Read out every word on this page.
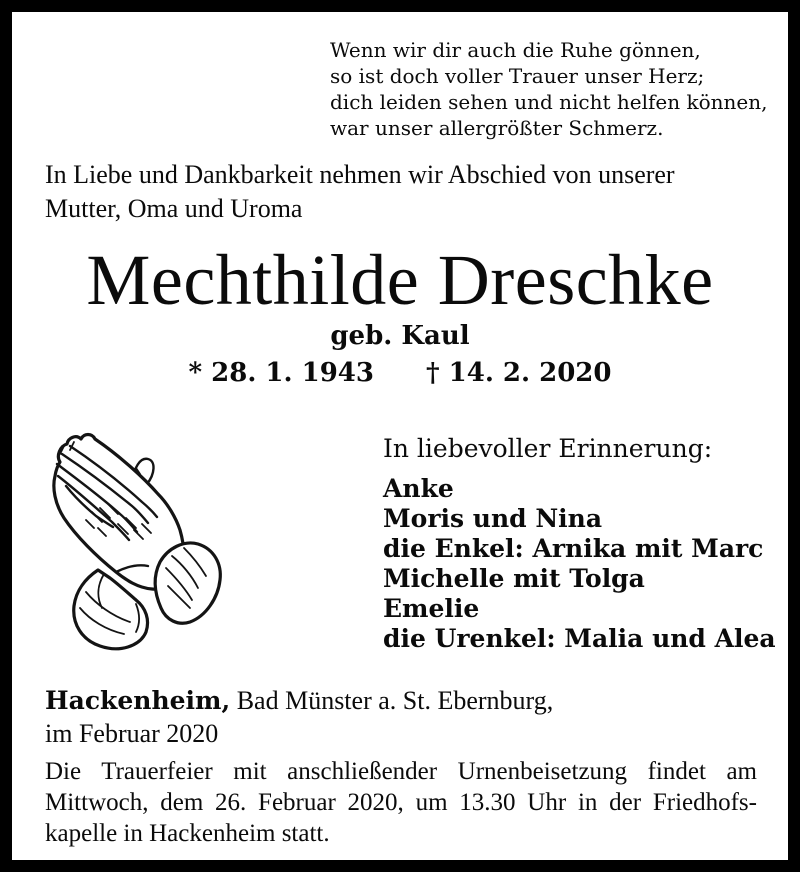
Wenn wir dir auch die Ruhe gönnen,
so ist doch voller Trauer unser Herz;
dich leiden sehen und nicht helfen können,
war unser allergrößter Schmerz.
In Liebe und Dankbarkeit nehmen wir Abschied von unserer
Mutter, Oma und Uroma
Mechthilde Dreschke
geb. Kaul
* 28. 1. 1943 † 14. 2. 2020
In liebevoller Erinnerung:
Anke
Moris und Nina
die Enkel: Arnika mit Marc
Michelle mit Tolga
Emelie
die Urenkel: Malia und Alea
Hackenheim, Bad Münster a. St. Ebernburg,
im Februar 2020
Die Trauerfeier mit anschließender Urnenbeisetzung findet am
Mittwoch, dem 26. Februar 2020, um 13.30 Uhr in der Friedhofs-
kapelle in Hackenheim statt.
